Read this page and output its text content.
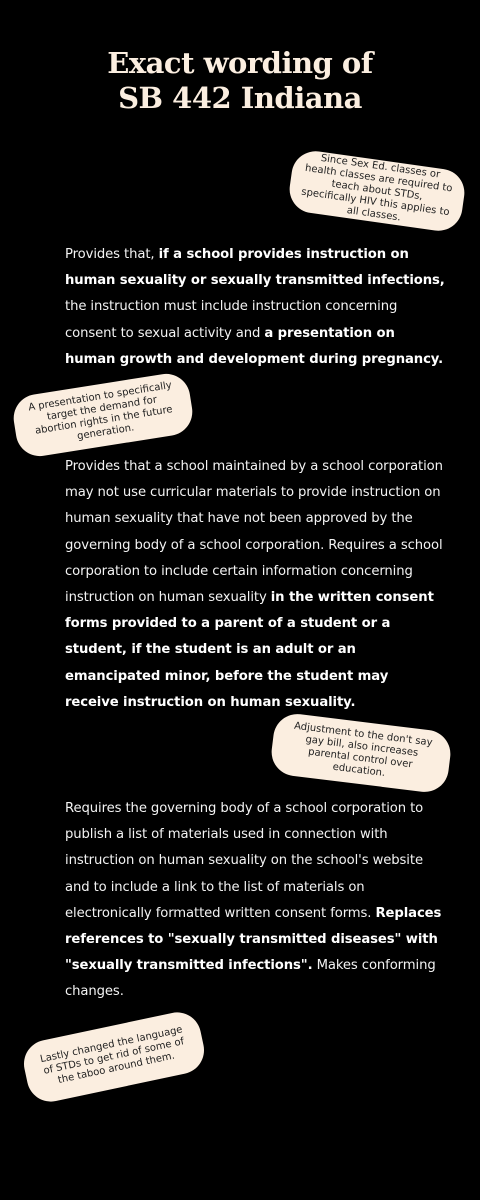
Exact wording of
SB 442 Indiana
Since Sex Ed. classes or health classes are required to teach about STDs, specifically HIV this applies to all classes.
Provides that, if a school provides instruction on human sexuality or sexually transmitted infections, the instruction must include instruction concerning consent to sexual activity and a presentation on human growth and development during pregnancy.
A presentation to specifically target the demand for abortion rights in the future generation.
Provides that a school maintained by a school corporation may not use curricular materials to provide instruction on human sexuality that have not been approved by the governing body of a school corporation. Requires a school corporation to include certain information concerning instruction on human sexuality in the written consent forms provided to a parent of a student or a student, if the student is an adult or an emancipated minor, before the student may receive instruction on human sexuality.
Adjustment to the don't say gay bill, also increases parental control over education.
Requires the governing body of a school corporation to publish a list of materials used in connection with instruction on human sexuality on the school's website and to include a link to the list of materials on electronically formatted written consent forms. Replaces references to "sexually transmitted diseases" with "sexually transmitted infections". Makes conforming changes.
Lastly changed the language of STDs to get rid of some of the taboo around them.
